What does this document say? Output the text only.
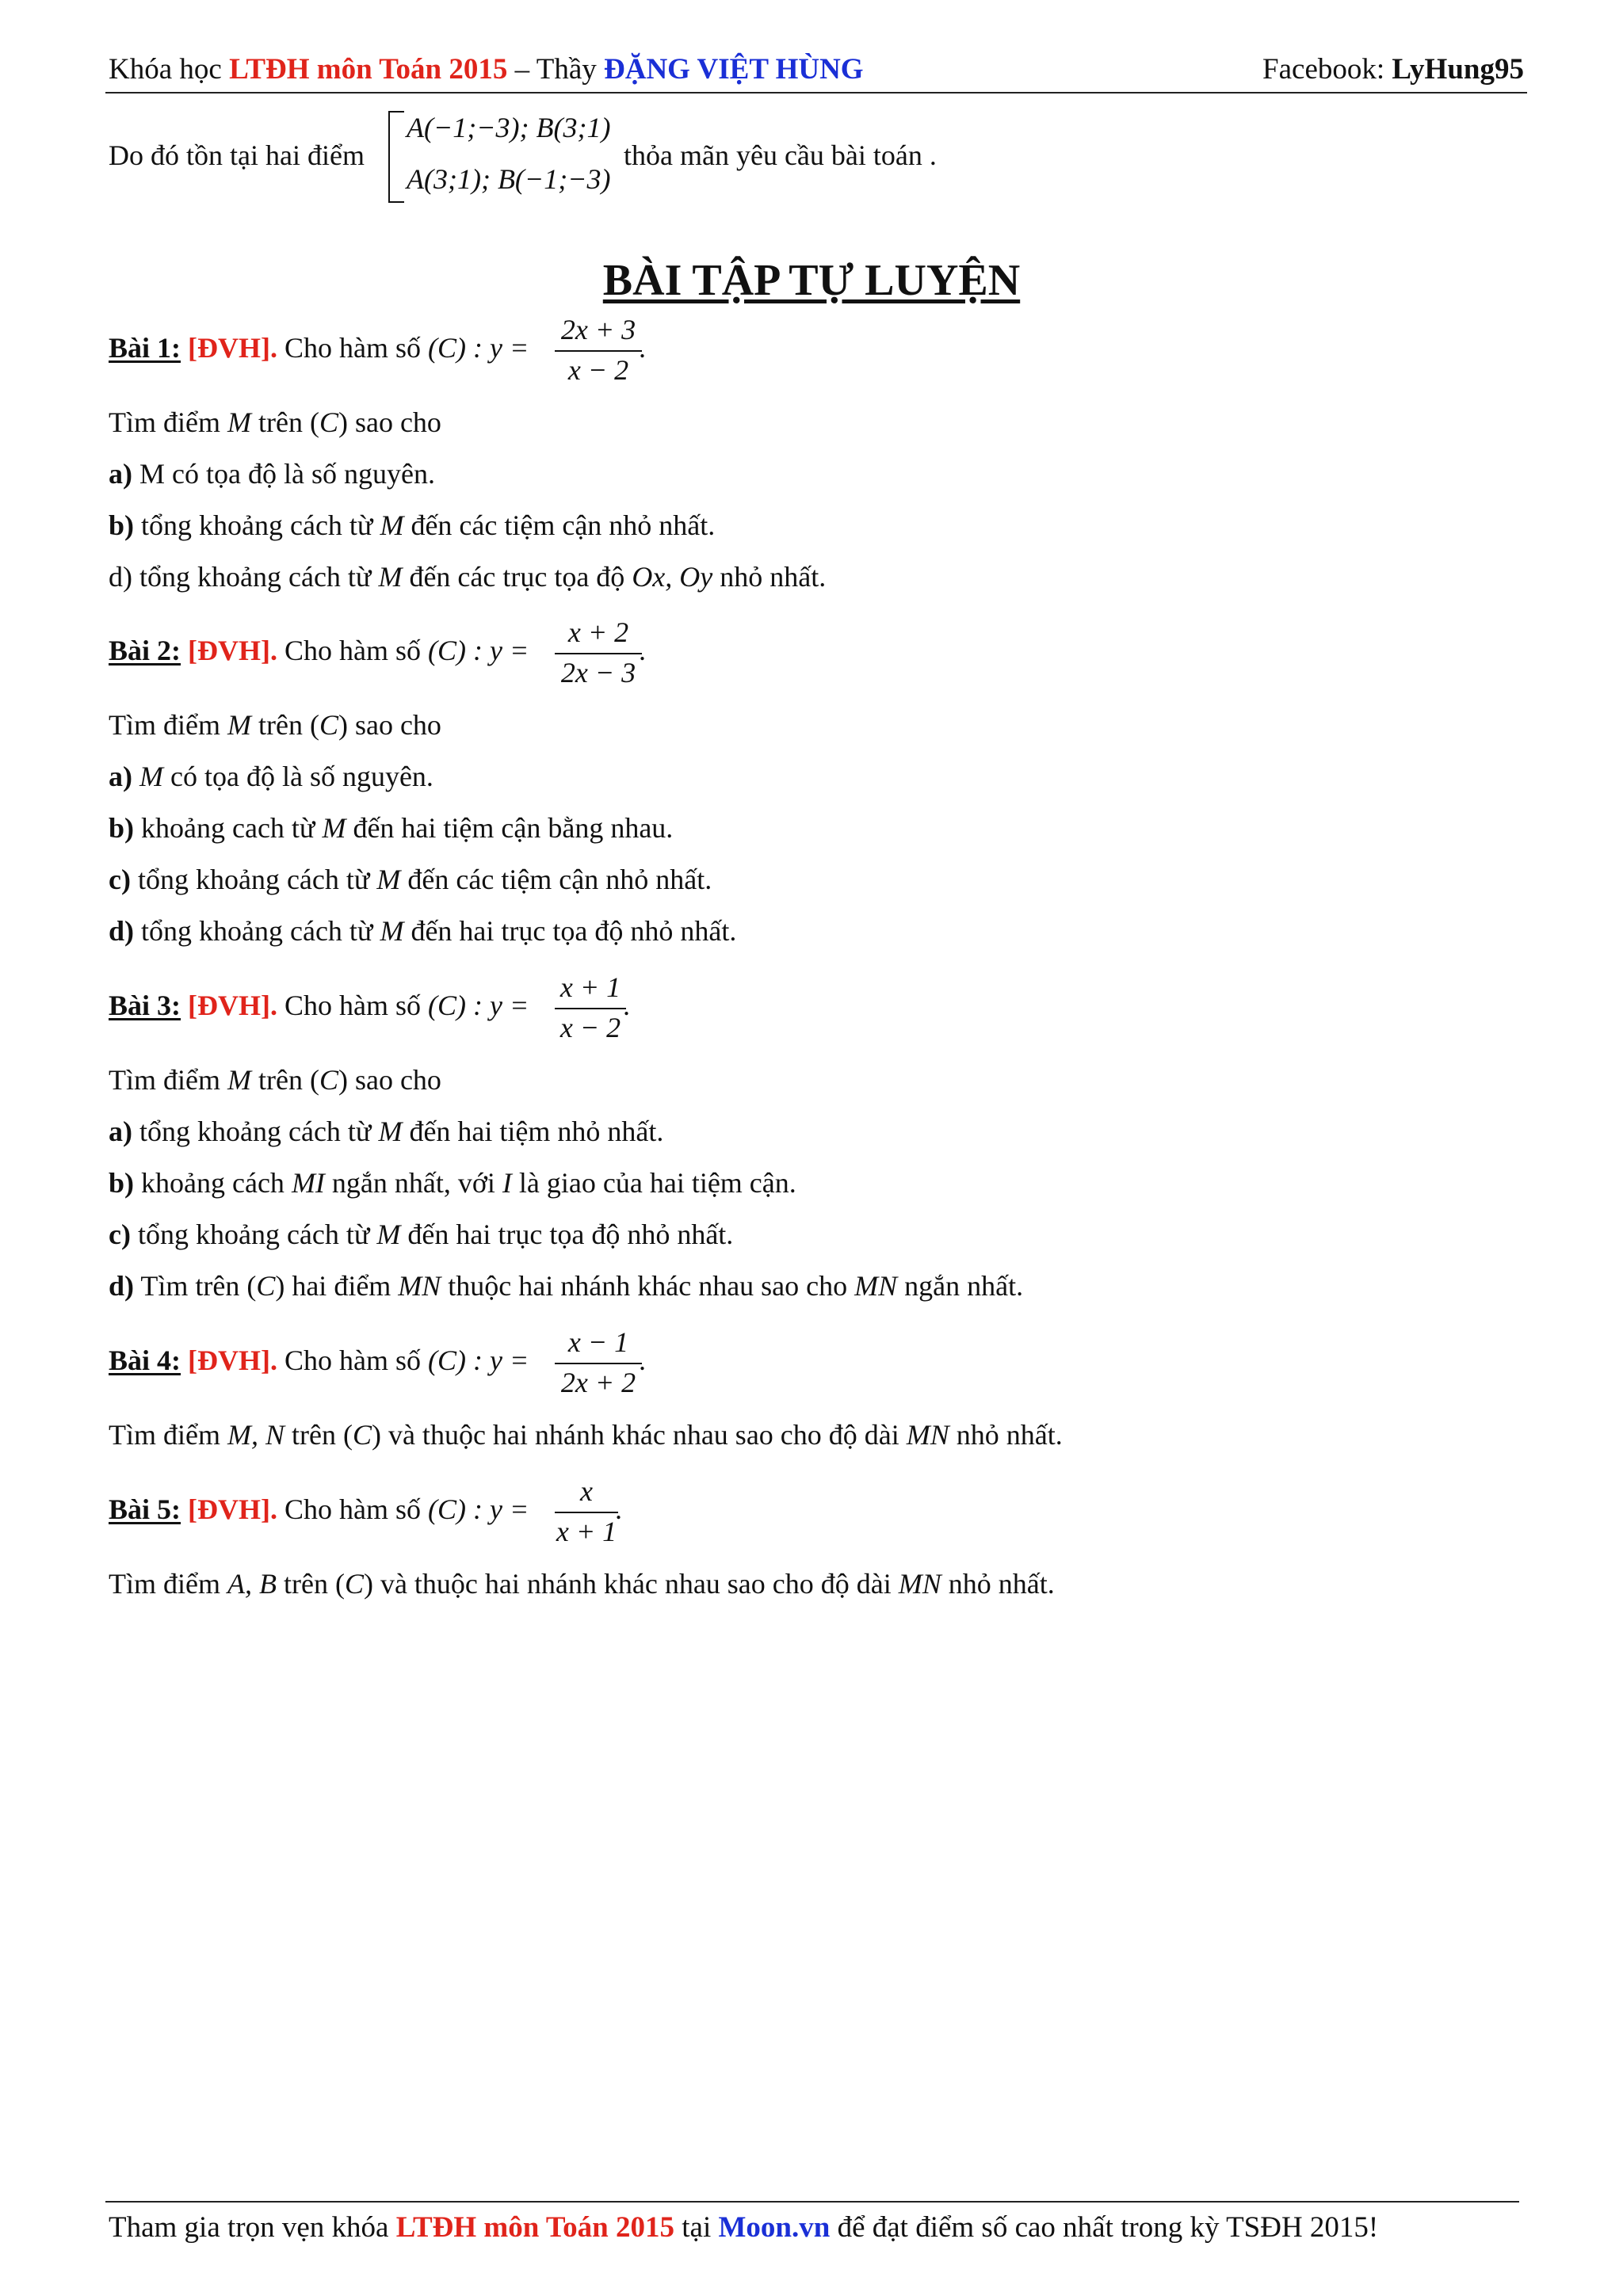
Khóa học LTĐH môn Toán 2015 – Thầy ĐẶNG VIỆT HÙNG	Facebook: LyHung95
Do đó tồn tại hai điểm
A(−1;−3); B(3;1)
A(3;1); B(−1;−3)
thỏa mãn yêu cầu bài toán .
BÀI TẬP TỰ LUYỆN
Bài 1: [ĐVH]. Cho hàm số (C) : y =
2x + 3
x − 2
.
Tìm điểm M trên (C) sao cho
a) M có tọa độ là số nguyên.
b) tổng khoảng cách từ M đến các tiệm cận nhỏ nhất.
d) tổng khoảng cách từ M đến các trục tọa độ Ox, Oy nhỏ nhất.
Bài 2: [ĐVH]. Cho hàm số (C) : y =
x + 2
2x − 3
.
Tìm điểm M trên (C) sao cho
a) M có tọa độ là số nguyên.
b) khoảng cach từ M đến hai tiệm cận bằng nhau.
c) tổng khoảng cách từ M đến các tiệm cận nhỏ nhất.
d) tổng khoảng cách từ M đến hai trục tọa độ nhỏ nhất.
Bài 3: [ĐVH]. Cho hàm số (C) : y =
x + 1
x − 2
.
Tìm điểm M trên (C) sao cho
a) tổng khoảng cách từ M đến hai tiệm nhỏ nhất.
b) khoảng cách MI ngắn nhất, với I là giao của hai tiệm cận.
c) tổng khoảng cách từ M đến hai trục tọa độ nhỏ nhất.
d) Tìm trên (C) hai điểm MN thuộc hai nhánh khác nhau sao cho MN ngắn nhất.
Bài 4: [ĐVH]. Cho hàm số (C) : y =
x − 1
2x + 2
.
Tìm điểm M, N trên (C) và thuộc hai nhánh khác nhau sao cho độ dài MN nhỏ nhất.
Bài 5: [ĐVH]. Cho hàm số (C) : y =
x
x + 1
.
Tìm điểm A, B trên (C) và thuộc hai nhánh khác nhau sao cho độ dài MN nhỏ nhất.
Tham gia trọn vẹn khóa LTĐH môn Toán 2015 tại Moon.vn để đạt điểm số cao nhất trong kỳ TSĐH 2015!
